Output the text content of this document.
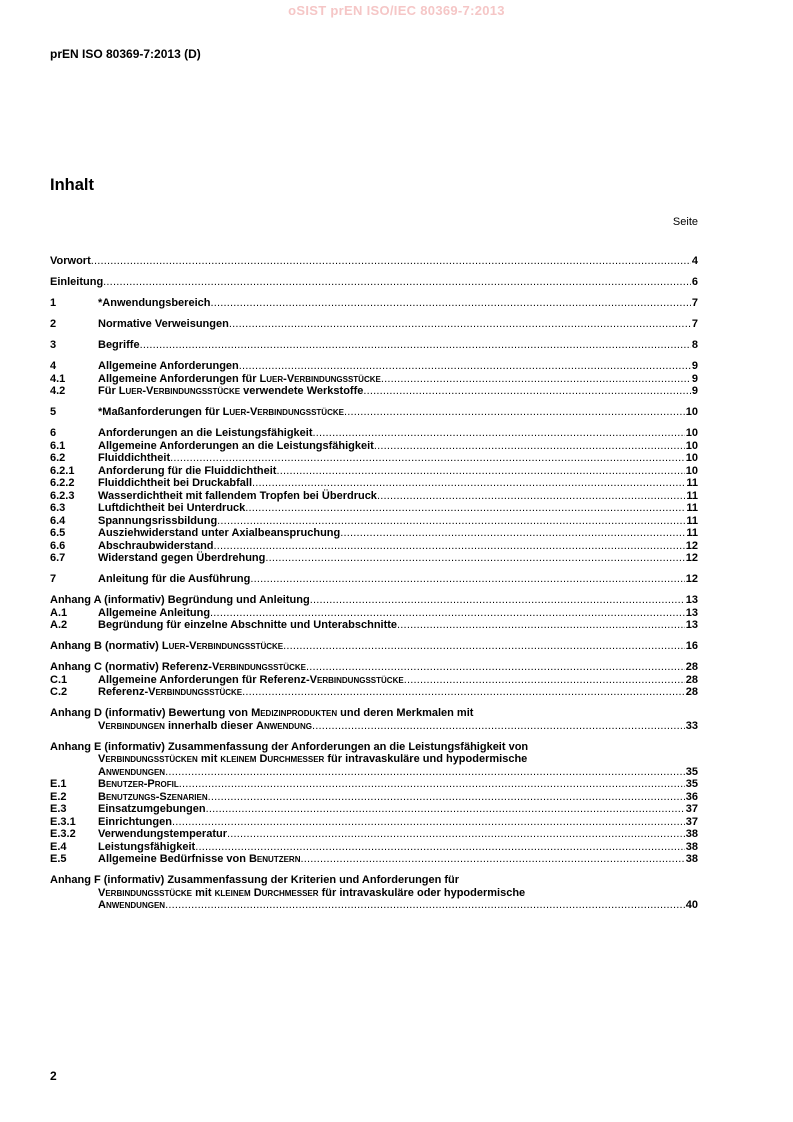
oSIST prEN ISO/IEC 80369-7:2013
prEN ISO 80369-7:2013 (D)
Inhalt
Seite
Vorwort .....	4
Einleitung .....	6
1	*Anwendungsbereich .....	7
2	Normative Verweisungen .....	7
3	Begriffe .....	8
4	Allgemeine Anforderungen .....	9
4.1	Allgemeine Anforderungen für Luer-Verbindungsstücke .....	9
4.2	Für Luer-Verbindungsstücke verwendete Werkstoffe .....	9
5	*Maßanforderungen für Luer-Verbindungsstücke .....	10
6	Anforderungen an die Leistungsfähigkeit .....	10
6.1	Allgemeine Anforderungen an die Leistungsfähigkeit .....	10
6.2	Fluiddichtheit .....	10
6.2.1	Anforderung für die Fluiddichtheit .....	10
6.2.2	Fluiddichtheit bei Druckabfall .....	11
6.2.3	Wasserdichtheit mit fallendem Tropfen bei Überdruck .....	11
6.3	Luftdichtheit bei Unterdruck .....	11
6.4	Spannungsrissbildung .....	11
6.5	Ausziehwiderstand unter Axialbeanspruchung .....	11
6.6	Abschraubwiderstand .....	12
6.7	Widerstand gegen Überdrehung .....	12
7	Anleitung für die Ausführung .....	12
Anhang A (informativ) Begründung und Anleitung .....	13
A.1	Allgemeine Anleitung .....	13
A.2	Begründung für einzelne Abschnitte und Unterabschnitte .....	13
Anhang B (normativ) Luer-Verbindungsstücke .....	16
Anhang C (normativ) Referenz-Verbindungsstücke .....	28
C.1	Allgemeine Anforderungen für Referenz-Verbindungsstücke .....	28
C.2	Referenz-Verbindungsstücke .....	28
Anhang D (informativ) Bewertung von Medizinprodukten und deren Merkmalen mit
Verbindungen innerhalb dieser Anwendung .....	33
Anhang E (informativ) Zusammenfassung der Anforderungen an die Leistungsfähigkeit von
Verbindungsstücken mit kleinem Durchmesser für intravaskuläre und hypodermische
Anwendungen .....	35
E.1	Benutzer-Profil .....	35
E.2	Benutzungs-Szenarien .....	36
E.3	Einsatzumgebungen .....	37
E.3.1	Einrichtungen .....	37
E.3.2	Verwendungstemperatur .....	38
E.4	Leistungsfähigkeit .....	38
E.5	Allgemeine Bedürfnisse von Benutzern .....	38
Anhang F (informativ) Zusammenfassung der Kriterien und Anforderungen für
Verbindungsstücke mit kleinem Durchmesser für intravaskuläre oder hypodermische
Anwendungen .....	40
2
